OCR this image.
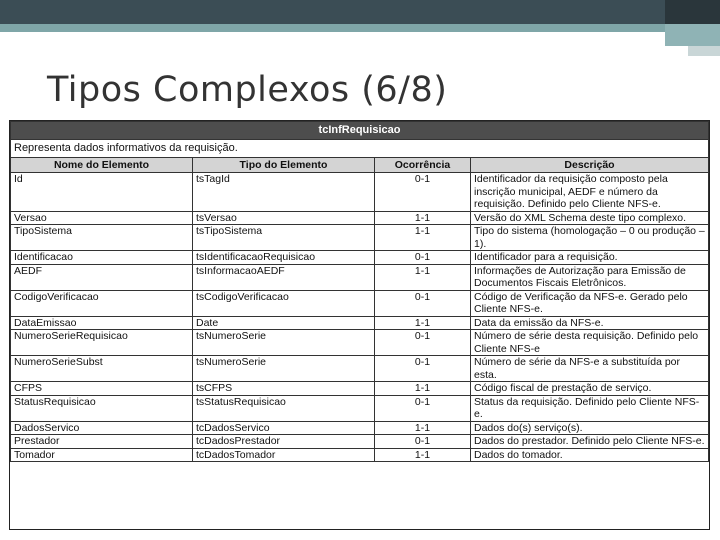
Tipos Complexos (6/8)
tcInfRequisicao			
Representa dados informativos da requisição.			
Nome do Elemento	Tipo do Elemento	Ocorrência	Descrição
Id	tsTagId	0-1	Identificador da requisição composto pela inscrição municipal, AEDF e número da requisição. Definido pelo Cliente NFS-e.
Versao	tsVersao	1-1	Versão do XML Schema deste tipo complexo.
TipoSistema	tsTipoSistema	1-1	Tipo do sistema (homologação – 0 ou produção – 1).
Identificacao	tsIdentificacaoRequisicao	0-1	Identificador para a requisição.
AEDF	tsInformacaoAEDF	1-1	Informações de Autorização para Emissão de Documentos Fiscais Eletrônicos.
CodigoVerificacao	tsCodigoVerificacao	0-1	Código de Verificação da NFS-e. Gerado pelo Cliente NFS-e.
DataEmissao	Date	1-1	Data da emissão da NFS-e.
NumeroSerieRequisicao	tsNumeroSerie	0-1	Número de série desta requisição. Definido pelo Cliente NFS-e
NumeroSerieSubst	tsNumeroSerie	0-1	Número de série da NFS-e a substituída por esta.
CFPS	tsCFPS	1-1	Código fiscal de prestação de serviço.
StatusRequisicao	tsStatusRequisicao	0-1	Status da requisição. Definido pelo Cliente NFS-e.
DadosServico	tcDadosServico	1-1	Dados do(s) serviço(s).
Prestador	tcDadosPrestador	0-1	Dados do prestador. Definido pelo Cliente NFS-e.
Tomador	tcDadosTomador	1-1	Dados do tomador.
